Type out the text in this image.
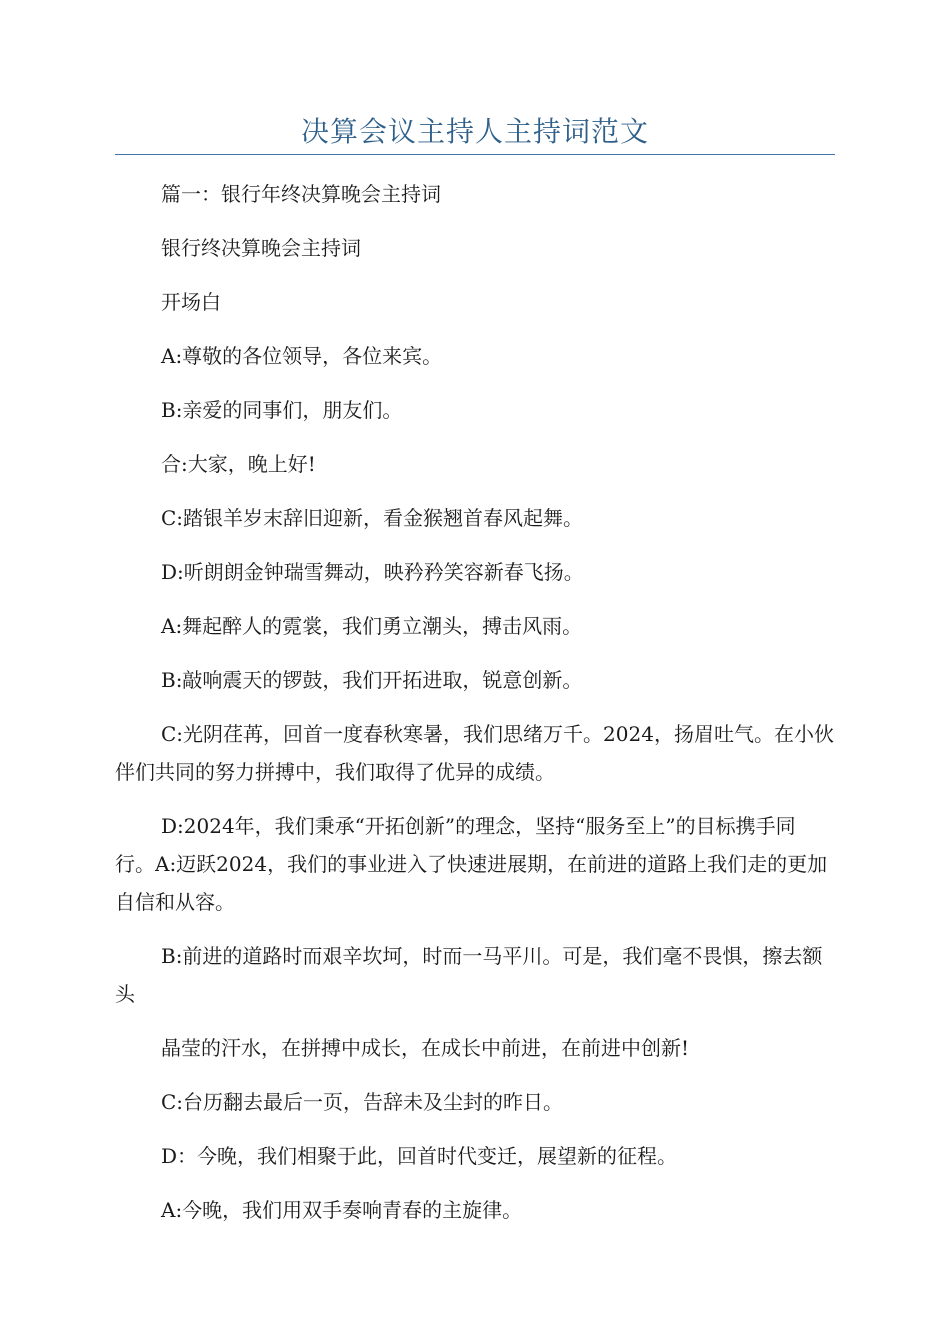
决算会议主持人主持词范文

篇一：银行年终决算晚会主持词

银行终决算晚会主持词

开场白

A:尊敬的各位领导，各位来宾。

B:亲爱的同事们，朋友们。

合:大家，晚上好!

C:踏银羊岁末辞旧迎新，看金猴翘首春风起舞。

D:听朗朗金钟瑞雪舞动，映矜矜笑容新春飞扬。

A:舞起醉人的霓裳，我们勇立潮头，搏击风雨。

B:敲响震天的锣鼓，我们开拓进取，锐意创新。

C:光阴荏苒，回首一度春秋寒暑，我们思绪万千。2024，扬眉吐气。在小伙伴们共同的努力拼搏中，我们取得了优异的成绩。

D:2024年，我们秉承“开拓创新”的理念，坚持“服务至上”的目标携手同行。A:迈跃2024，我们的事业进入了快速进展期，在前进的道路上我们走的更加自信和从容。

B:前进的道路时而艰辛坎坷，时而一马平川。可是，我们毫不畏惧，擦去额头

晶莹的汗水，在拼搏中成长，在成长中前进，在前进中创新!

C:台历翻去最后一页，告辞未及尘封的昨日。

D：今晚，我们相聚于此，回首时代变迁，展望新的征程。

A:今晚，我们用双手奏响青春的主旋律。
